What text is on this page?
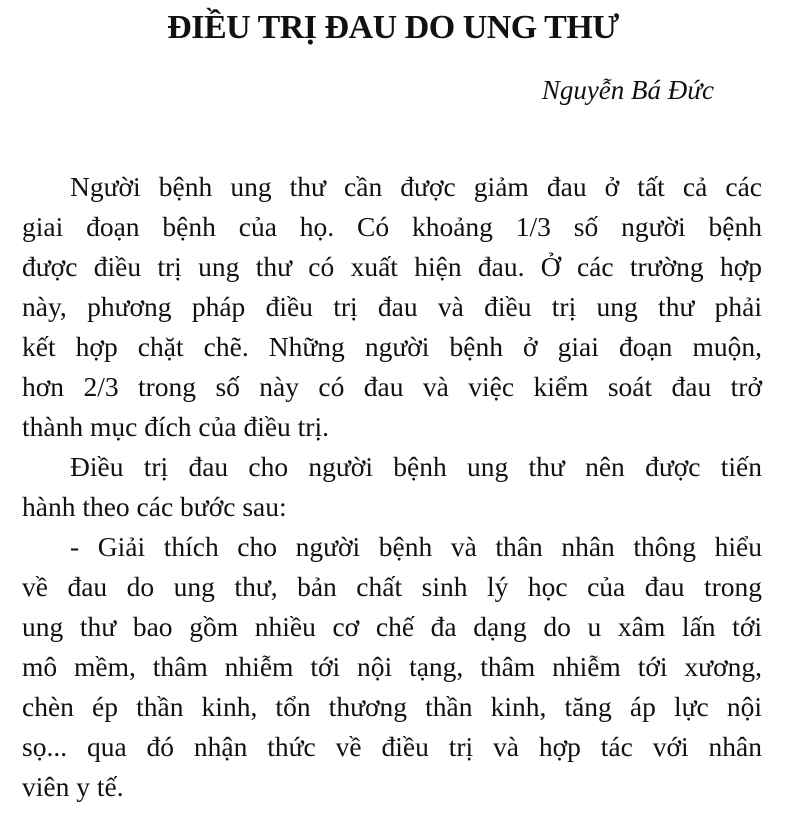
ĐIỀU TRỊ ĐAU DO UNG THƯ
Nguyễn Bá Đức
Người bệnh ung thư cần được giảm đau ở tất cả các
giai đoạn bệnh của họ. Có khoảng 1/3 số người bệnh
được điều trị ung thư có xuất hiện đau. Ở các trường hợp
này, phương pháp điều trị đau và điều trị ung thư phải
kết hợp chặt chẽ. Những người bệnh ở giai đoạn muộn,
hơn 2/3 trong số này có đau và việc kiểm soát đau trở
thành mục đích của điều trị.
Điều trị đau cho người bệnh ung thư nên được tiến
hành theo các bước sau:
- Giải thích cho người bệnh và thân nhân thông hiểu
về đau do ung thư, bản chất sinh lý học của đau trong
ung thư bao gồm nhiều cơ chế đa dạng do u xâm lấn tới
mô mềm, thâm nhiễm tới nội tạng, thâm nhiễm tới xương,
chèn ép thần kinh, tổn thương thần kinh, tăng áp lực nội
sọ... qua đó nhận thức về điều trị và hợp tác với nhân
viên y tế.
